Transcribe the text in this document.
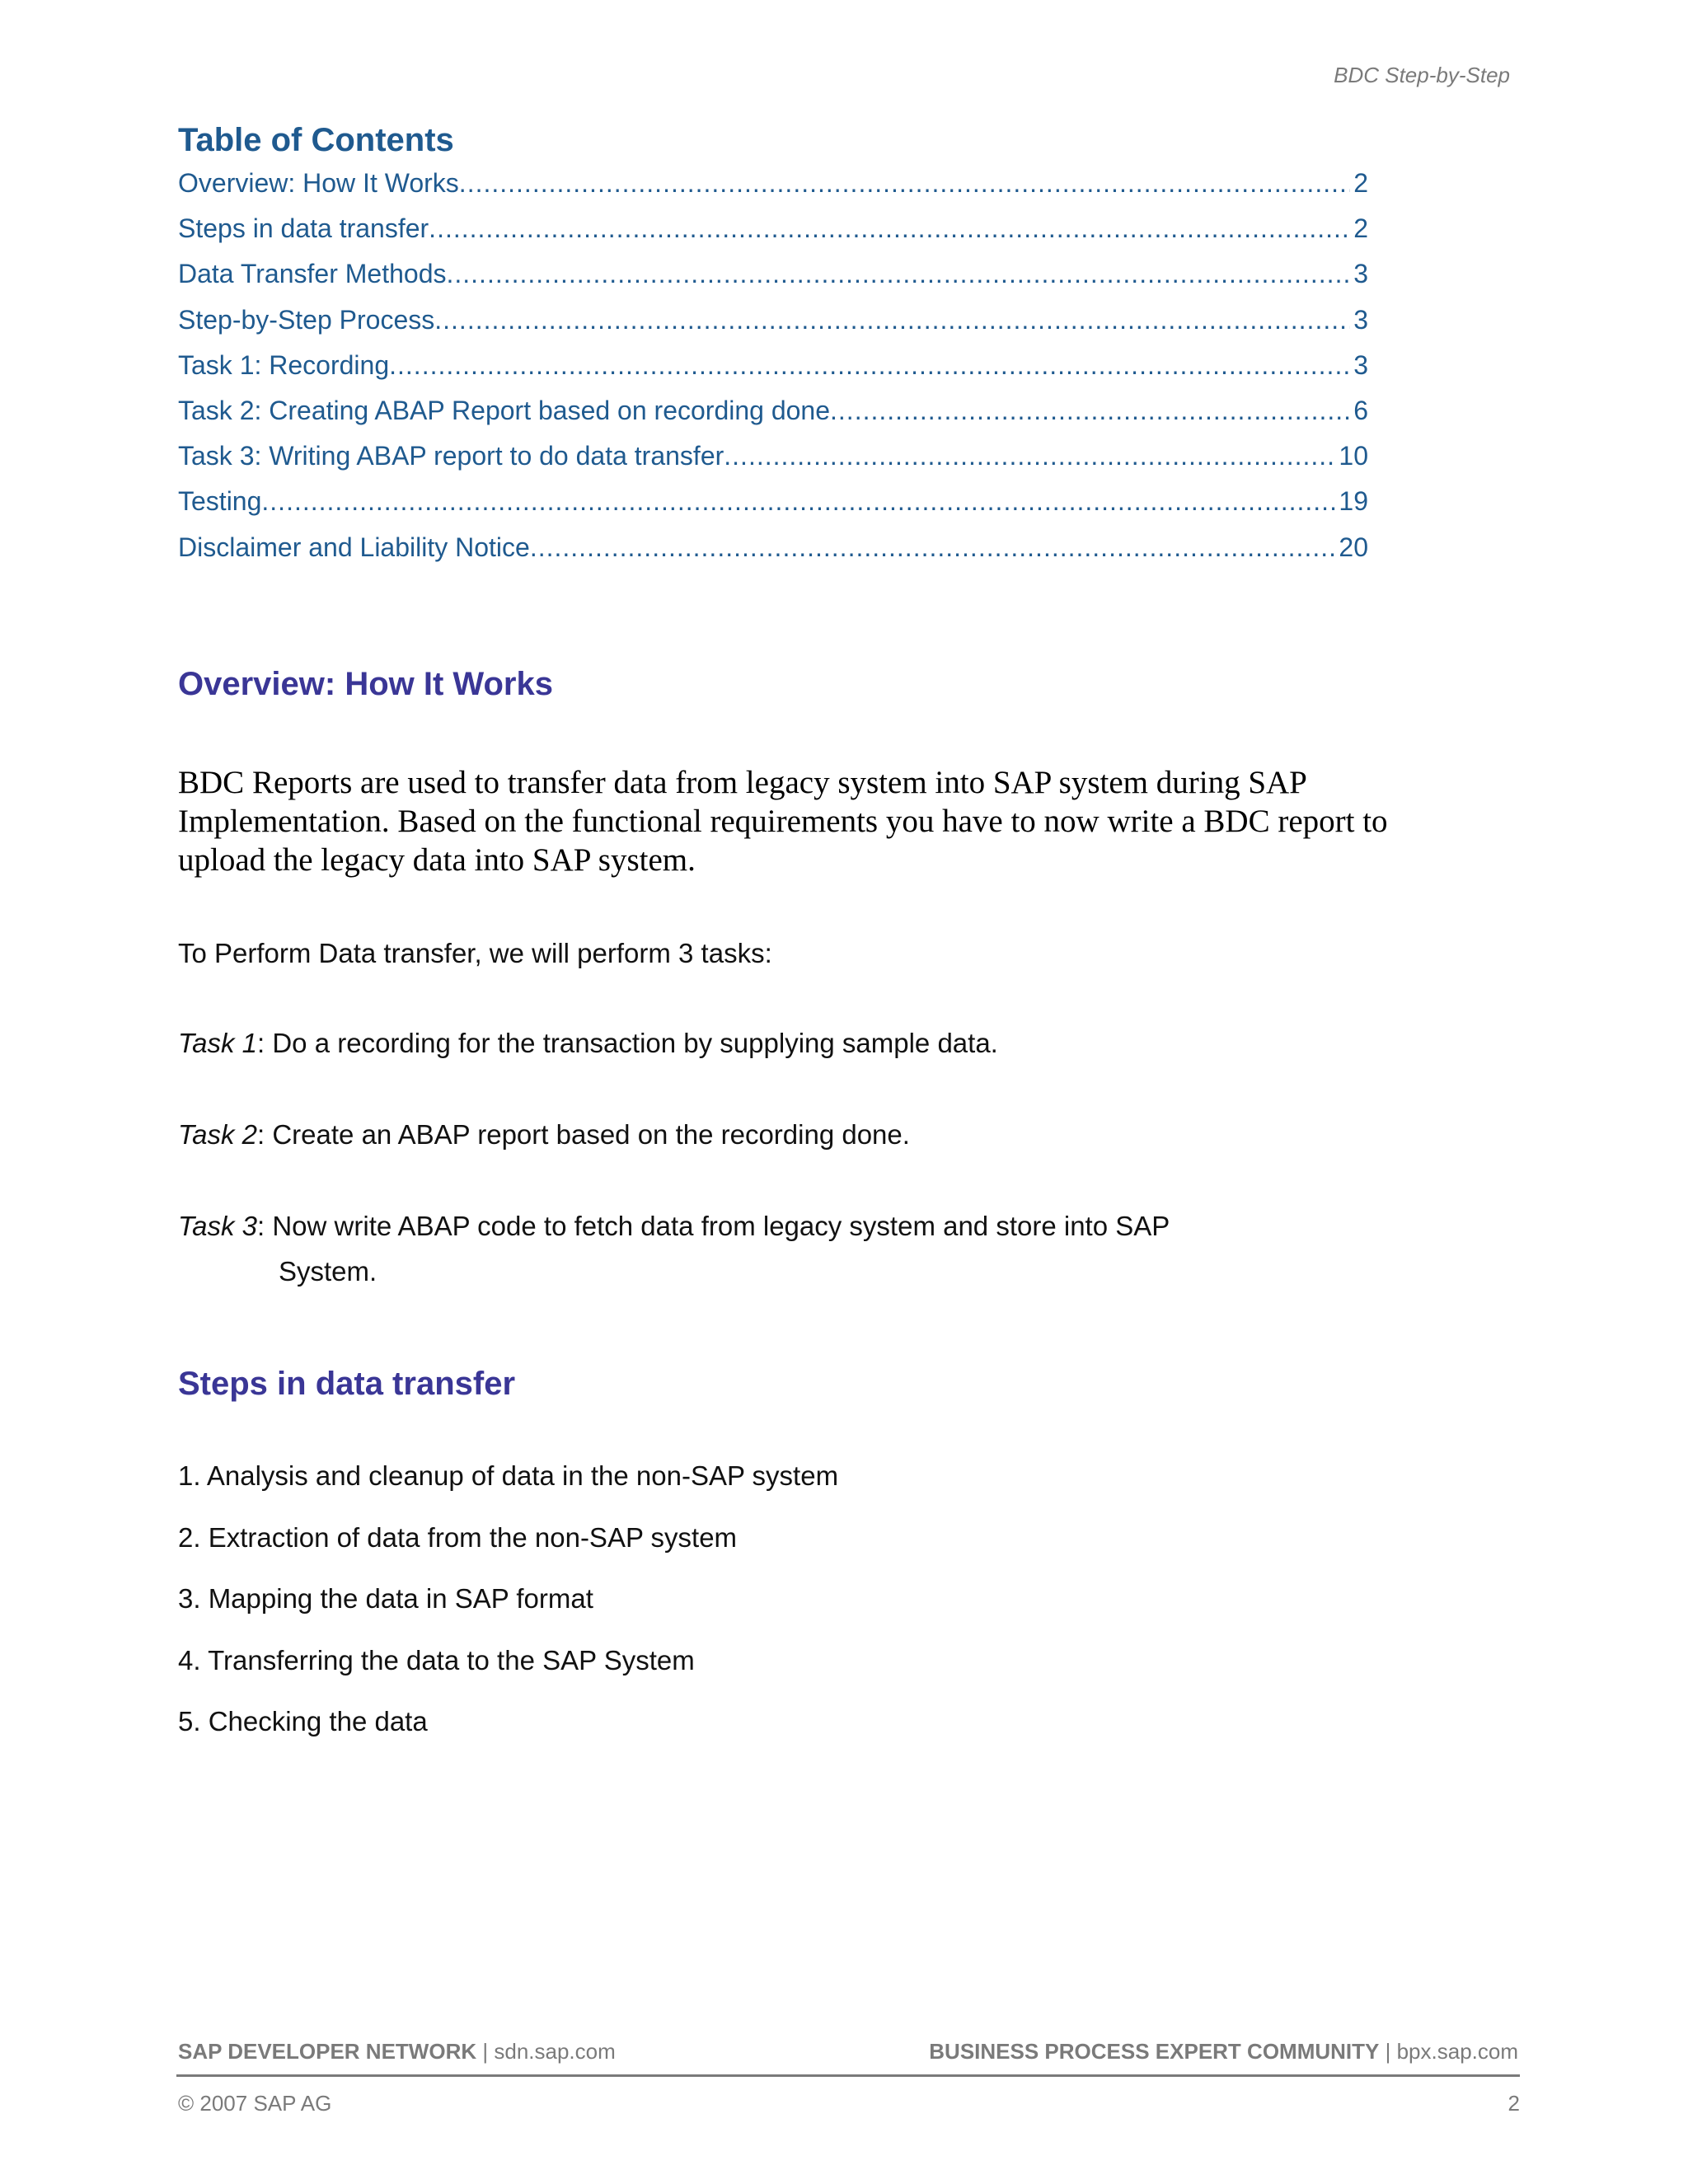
BDC Step-by-Step
Table of Contents
Overview: How It Works .....	2
Steps in data transfer .....	2
Data Transfer Methods .....	3
Step-by-Step Process .....	3
Task 1: Recording .....	3
Task 2: Creating ABAP Report based on recording done .....	6
Task 3: Writing ABAP report to do data transfer .....	10
Testing .....	19
Disclaimer and Liability Notice .....	20
Overview: How It Works

BDC Reports are used to transfer data from legacy system into SAP system during SAP Implementation. Based on the functional requirements you have to now write a BDC report to upload the legacy data into SAP system.

To Perform Data transfer, we will perform 3 tasks:

Task 1: Do a recording for the transaction by supplying sample data.

Task 2: Create an ABAP report based on the recording done.

Task 3: Now write ABAP code to fetch data from legacy system and store into SAP
System.

Steps in data transfer
1. Analysis and cleanup of data in the non-SAP system
2. Extraction of data from the non-SAP system
3. Mapping the data in SAP format
4. Transferring the data to the SAP System
5. Checking the data
SAP DEVELOPER NETWORK | sdn.sap.com	BUSINESS PROCESS EXPERT COMMUNITY | bpx.sap.com
© 2007 SAP AG	2
